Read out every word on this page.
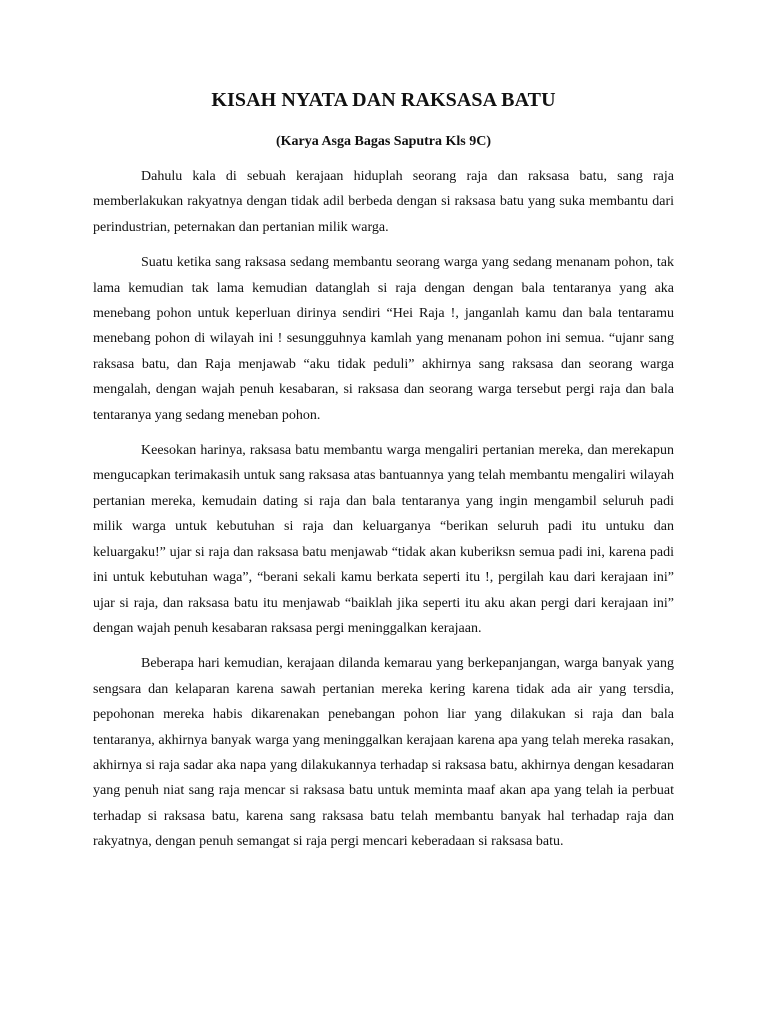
KISAH NYATA DAN RAKSASA BATU
(Karya Asga Bagas Saputra Kls 9C)

Dahulu kala di sebuah kerajaan hiduplah seorang raja dan raksasa batu, sang raja memberlakukan rakyatnya dengan tidak adil berbeda dengan si raksasa batu yang suka membantu dari perindustrian, peternakan dan pertanian milik warga.

Suatu ketika sang raksasa sedang membantu seorang warga yang sedang menanam pohon, tak lama kemudian tak lama kemudian datanglah si raja dengan dengan bala tentaranya yang aka menebang pohon untuk keperluan dirinya sendiri “Hei Raja !, janganlah kamu dan bala tentaramu menebang pohon di wilayah ini ! sesungguhnya kamlah yang menanam pohon ini semua. “ujanr sang raksasa batu, dan Raja menjawab “aku tidak peduli” akhirnya sang raksasa dan seorang warga mengalah, dengan wajah penuh kesabaran, si raksasa dan seorang warga tersebut pergi raja dan bala tentaranya yang sedang meneban pohon.

Keesokan harinya, raksasa batu membantu warga mengaliri pertanian mereka, dan merekapun mengucapkan terimakasih untuk sang raksasa atas bantuannya yang telah membantu mengaliri wilayah pertanian mereka, kemudain dating si raja dan bala tentaranya yang ingin mengambil seluruh padi milik warga untuk kebutuhan si raja dan keluarganya “berikan seluruh padi itu untuku dan keluargaku!” ujar si raja dan raksasa batu menjawab “tidak akan kuberiksn semua padi ini, karena padi ini untuk kebutuhan waga”, “berani sekali kamu berkata seperti itu !, pergilah kau dari kerajaan ini” ujar si raja, dan raksasa batu itu menjawab “baiklah jika seperti itu aku akan pergi dari kerajaan ini” dengan wajah penuh kesabaran raksasa pergi meninggalkan kerajaan.

Beberapa hari kemudian, kerajaan dilanda kemarau yang berkepanjangan, warga banyak yang sengsara dan kelaparan karena sawah pertanian mereka kering karena tidak ada air yang tersdia, pepohonan mereka habis dikarenakan penebangan pohon liar yang dilakukan si raja dan bala tentaranya, akhirnya banyak warga yang meninggalkan kerajaan karena apa yang telah mereka rasakan, akhirnya si raja sadar aka napa yang dilakukannya terhadap si raksasa batu, akhirnya dengan kesadaran yang penuh niat sang raja mencar si raksasa batu untuk meminta maaf akan apa yang telah ia perbuat terhadap si raksasa batu, karena sang raksasa batu telah membantu banyak hal terhadap raja dan rakyatnya, dengan penuh semangat si raja pergi mencari keberadaan si raksasa batu.
